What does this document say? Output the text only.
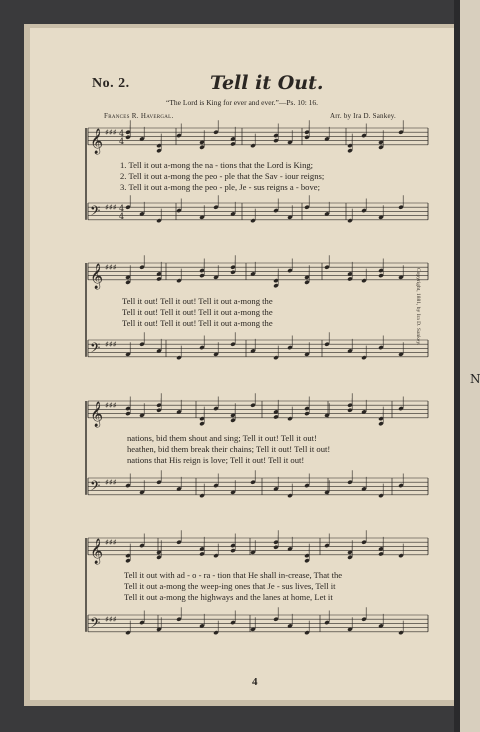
𝄞 ♯♯♯ 4
4
𝄢 ♯♯♯ 4
4
𝄞 ♯♯♯
𝄢 ♯♯♯
𝄞 ♯♯♯
𝄢 ♯♯♯
𝄞 ♯♯♯
𝄢 ♯♯♯
No. 2.	Tell it Out.
“The Lord is King for ever and ever.”—Ps. 10: 16.
Frances R. Havergal.	Arr. by Ira D. Sankey.
1. Tell it out a-mong the na - tions that the Lord is King;
2. Tell it out a-mong the peo - ple that the Sav - iour reigns;
3. Tell it out a-mong the peo - ple, Je - sus reigns a - bove;
Tell it out! Tell it out! Tell it out a-mong the
Tell it out! Tell it out! Tell it out a-mong the
Tell it out! Tell it out! Tell it out a-mong the
nations, bid them shout and sing; Tell it out! Tell it out!
heathen, bid them break their chains; Tell it out! Tell it out!
nations that His reign is love; Tell it out! Tell it out!
Tell it out with ad - o - ra - tion that He shall in-crease, That the
Tell it out a-mong the weep-ing ones that Je - sus lives, Tell it
Tell it out a-mong the highways and the lanes at home, Let it
Copyright, 1881, by Ira D. Sankey.
4
N
